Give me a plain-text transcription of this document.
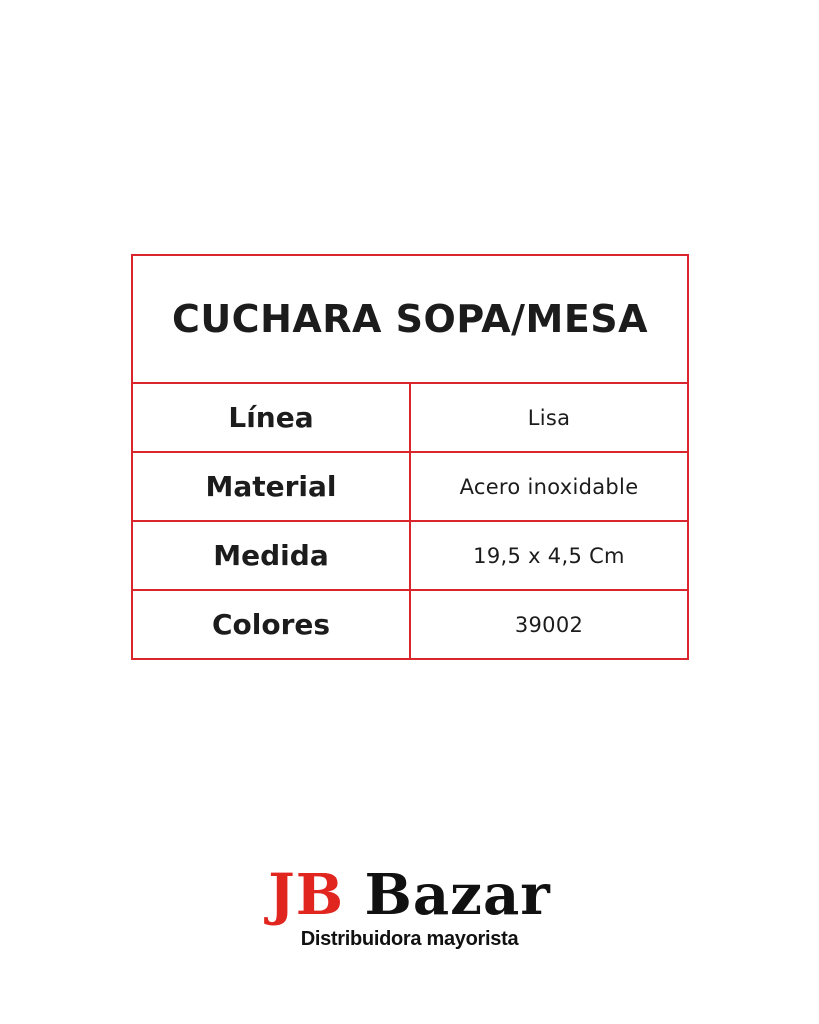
CUCHARA SOPA/MESA	
Línea	Lisa
Material	Acero inoxidable
Medida	19,5 x 4,5 Cm
Colores	39002
JB Bazar
Distribuidora mayorista
